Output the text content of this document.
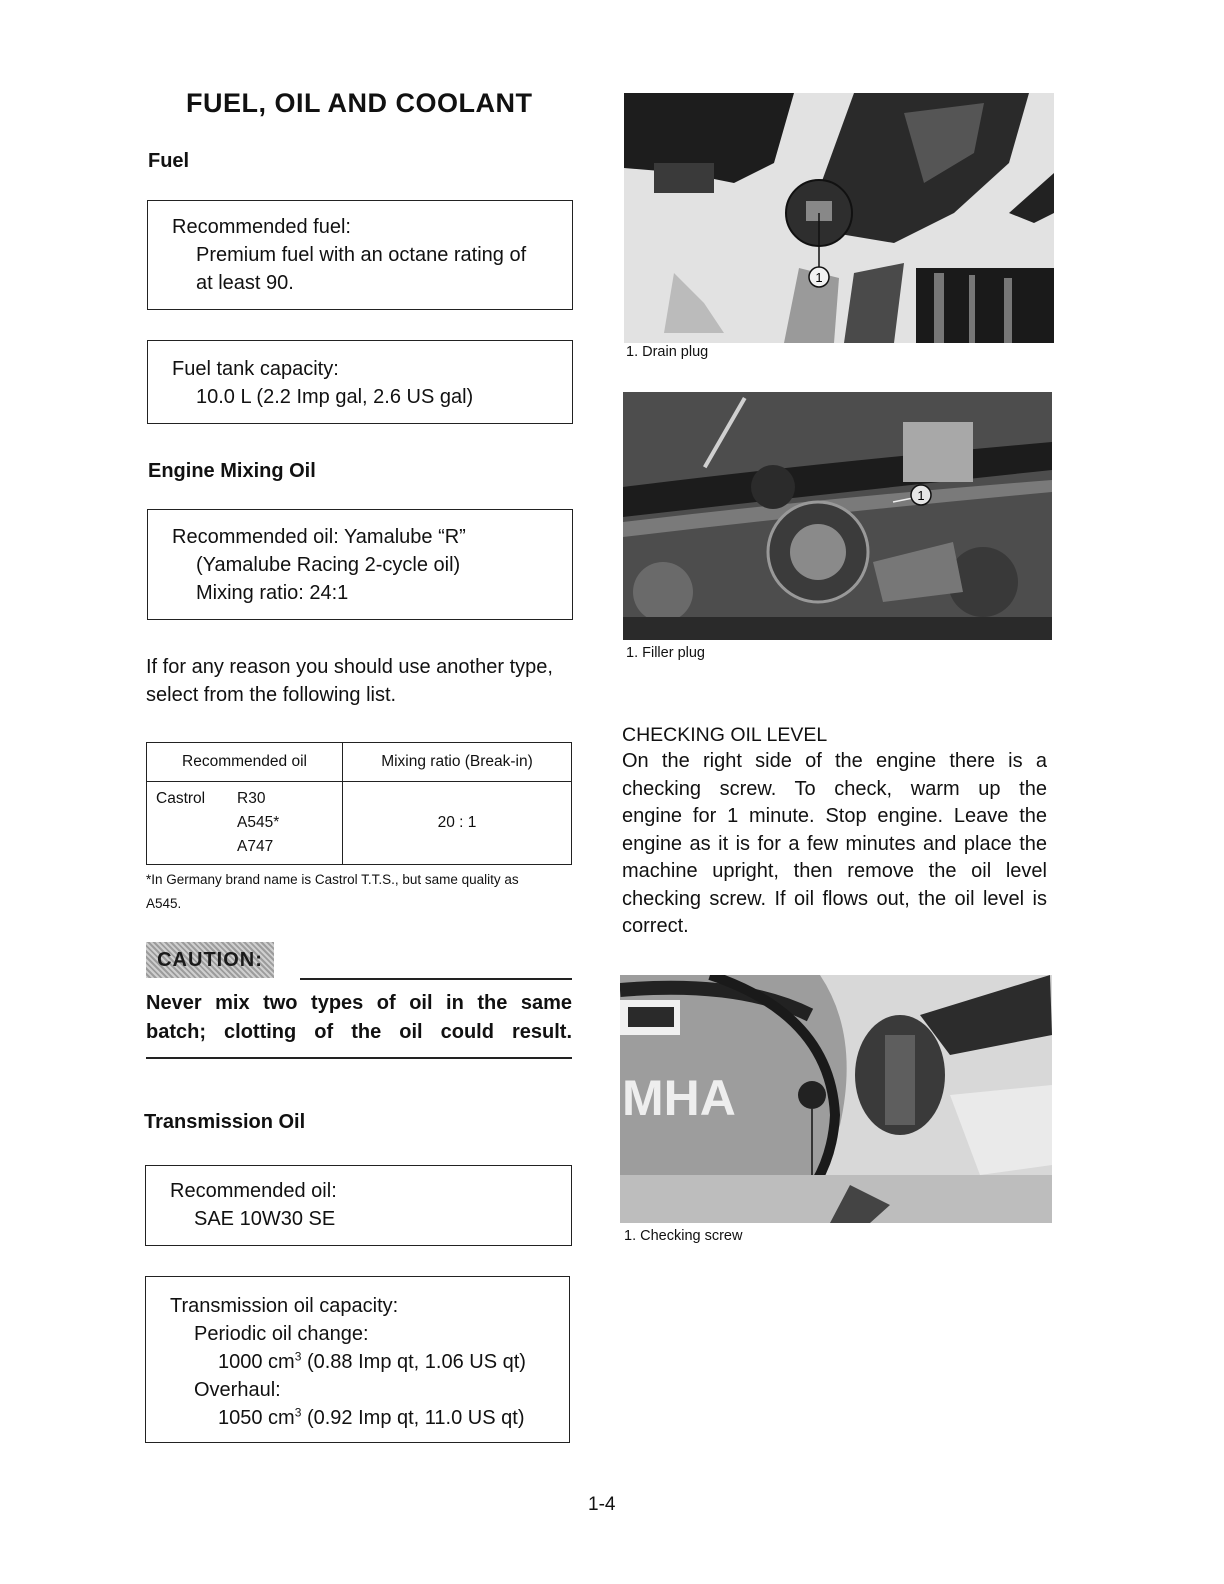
FUEL, OIL AND COOLANT
Fuel
Recommended fuel:
Premium fuel with an octane rating of
at least 90.
Fuel tank capacity:
10.0 L (2.2 Imp gal, 2.6 US gal)
Engine Mixing Oil
Recommended oil: Yamalube “R”
(Yamalube Racing 2-cycle oil)
Mixing ratio: 24:1
If for any reason you should use another type,
select from the following list.
Recommended oil	Mixing ratio (Break-in)

Castrol R30
A545*
A747	20 : 1
*In Germany brand name is Castrol T.T.S., but same quality as
A545.
CAUTION:
Never mix two types of oil in the same
batch; clotting of the oil could result.
Transmission Oil
Recommended oil:
SAE 10W30 SE
Transmission oil capacity:
Periodic oil change:
1000 $cm^3$ (0.88 Imp qt, 1.06 US qt)
Overhaul:
1050 $cm^3$ (0.92 Imp qt, 11.0 US qt)
1
1. Drain plug
1
1. Filler plug
CHECKING OIL LEVEL
On the right side of the engine there is a
checking screw. To check, warm up the
engine for 1 minute. Stop engine. Leave the
engine as it is for a few minutes and place the
machine upright, then remove the oil level
checking screw. If oil flows out, the oil level is
correct.
MHA
1. Checking screw
1-4
